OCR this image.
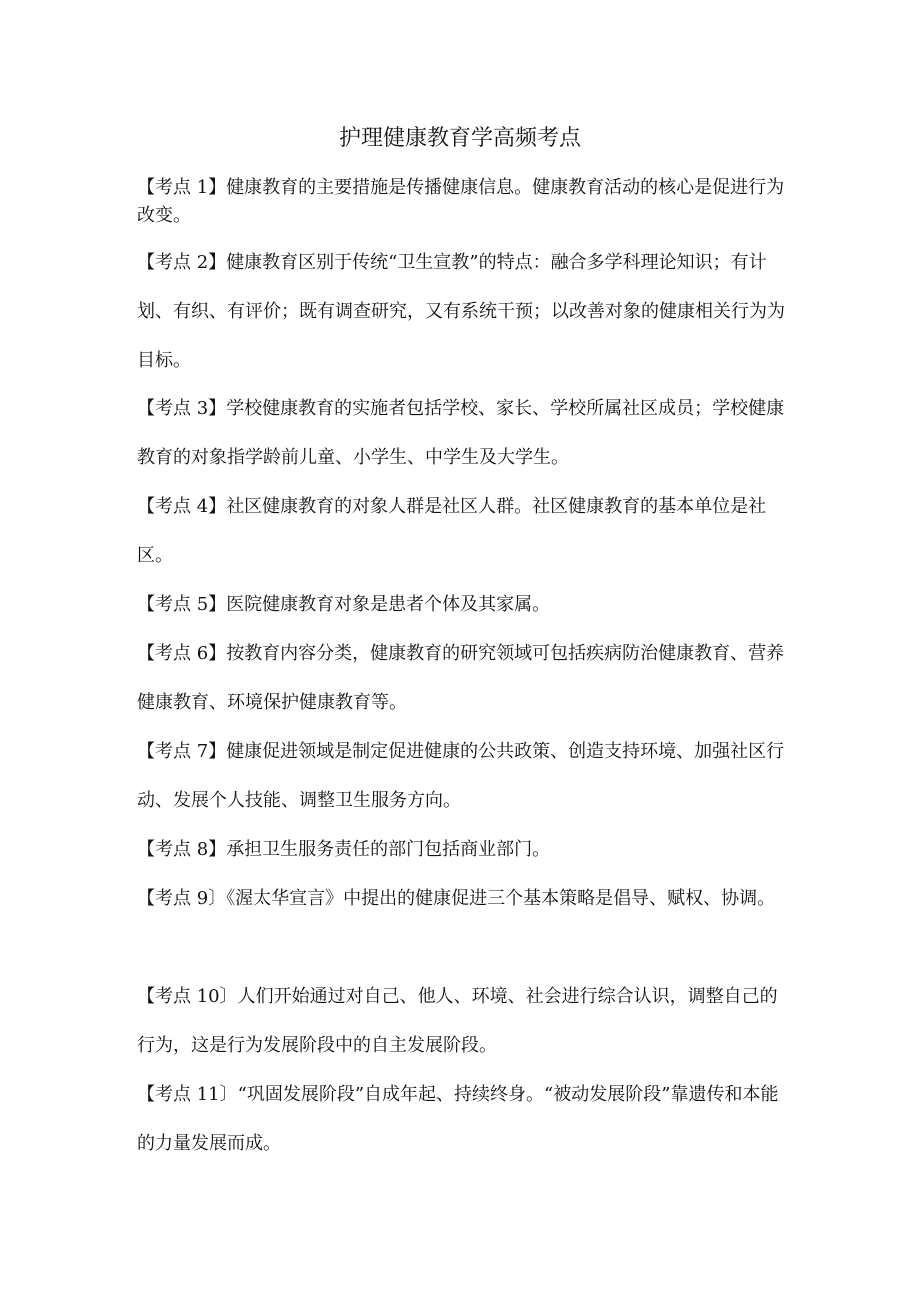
护理健康教育学高频考点

【考点 1】健康教育的主要措施是传播健康信息。健康教育活动的核心是促进行为改变。

【考点 2】健康教育区别于传统“卫生宣教”的特点：融合多学科理论知识；有计划、有织、有评价；既有调查研究，又有系统干预；以改善对象的健康相关行为为目标。

【考点 3】学校健康教育的实施者包括学校、家长、学校所属社区成员；学校健康教育的对象指学龄前儿童、小学生、中学生及大学生。

【考点 4】社区健康教育的对象人群是社区人群。社区健康教育的基本单位是社区。

【考点 5】医院健康教育对象是患者个体及其家属。

【考点 6】按教育内容分类，健康教育的研究领域可包括疾病防治健康教育、营养健康教育、环境保护健康教育等。

【考点 7】健康促进领域是制定促进健康的公共政策、创造支持环境、加强社区行动、发展个人技能、调整卫生服务方向。

【考点 8】承担卫生服务责任的部门包括商业部门。

【考点 9〕《渥太华宣言》中提出的健康促进三个基本策略是倡导、赋权、协调。

【考点 10〕人们开始通过对自己、他人、环境、社会进行综合认识，调整自己的行为，这是行为发展阶段中的自主发展阶段。

【考点 11〕“巩固发展阶段”自成年起、持续终身。“被动发展阶段”靠遗传和本能的力量发展而成。
